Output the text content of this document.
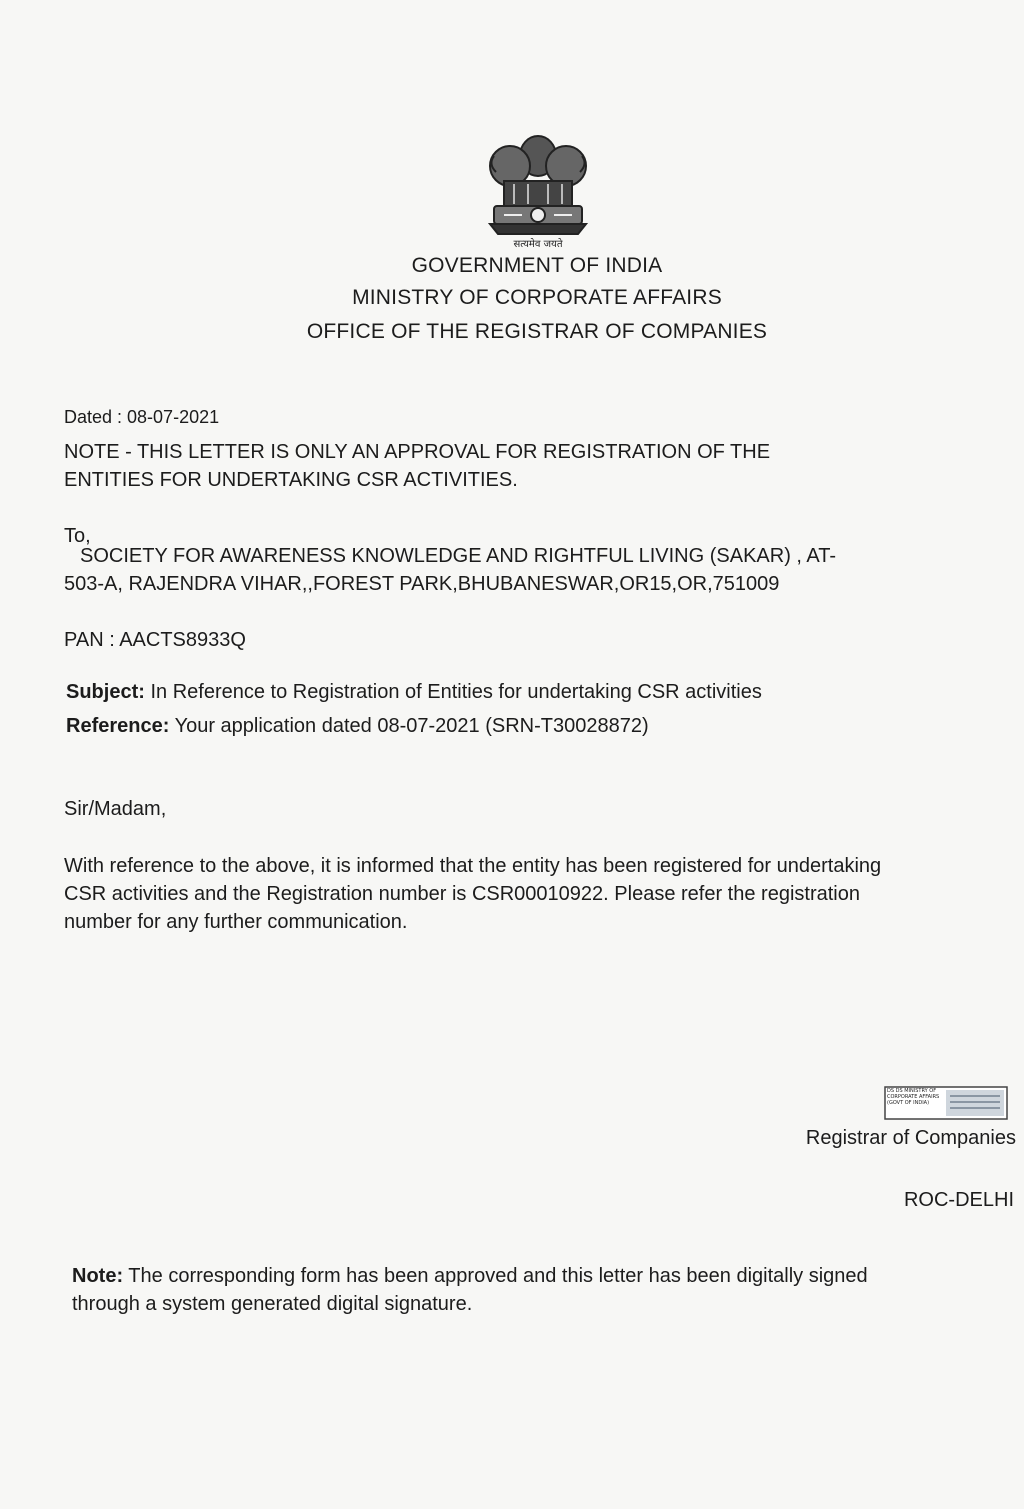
सत्यमेव जयते
GOVERNMENT OF INDIA
MINISTRY OF CORPORATE AFFAIRS
OFFICE OF THE REGISTRAR OF COMPANIES
Dated : 08-07-2021
NOTE - THIS LETTER IS ONLY AN APPROVAL FOR REGISTRATION OF THE
ENTITIES FOR UNDERTAKING CSR ACTIVITIES.
To,
SOCIETY FOR AWARENESS KNOWLEDGE AND RIGHTFUL LIVING (SAKAR) , AT-
503-A, RAJENDRA VIHAR,,FOREST PARK,BHUBANESWAR,OR15,OR,751009
PAN : AACTS8933Q
Subject: In Reference to Registration of Entities for undertaking CSR activities
Reference: Your application dated 08-07-2021 (SRN-T30028872)
Sir/Madam,
With reference to the above, it is informed that the entity has been registered for undertaking
CSR activities and the Registration number is CSR00010922. Please refer the registration
number for any further communication.
DS DS MINISTRY OF CORPORATE AFFAIRS (GOVT OF INDIA)
Registrar of Companies
ROC-DELHI
Note: The corresponding form has been approved and this letter has been digitally signed
through a system generated digital signature.
